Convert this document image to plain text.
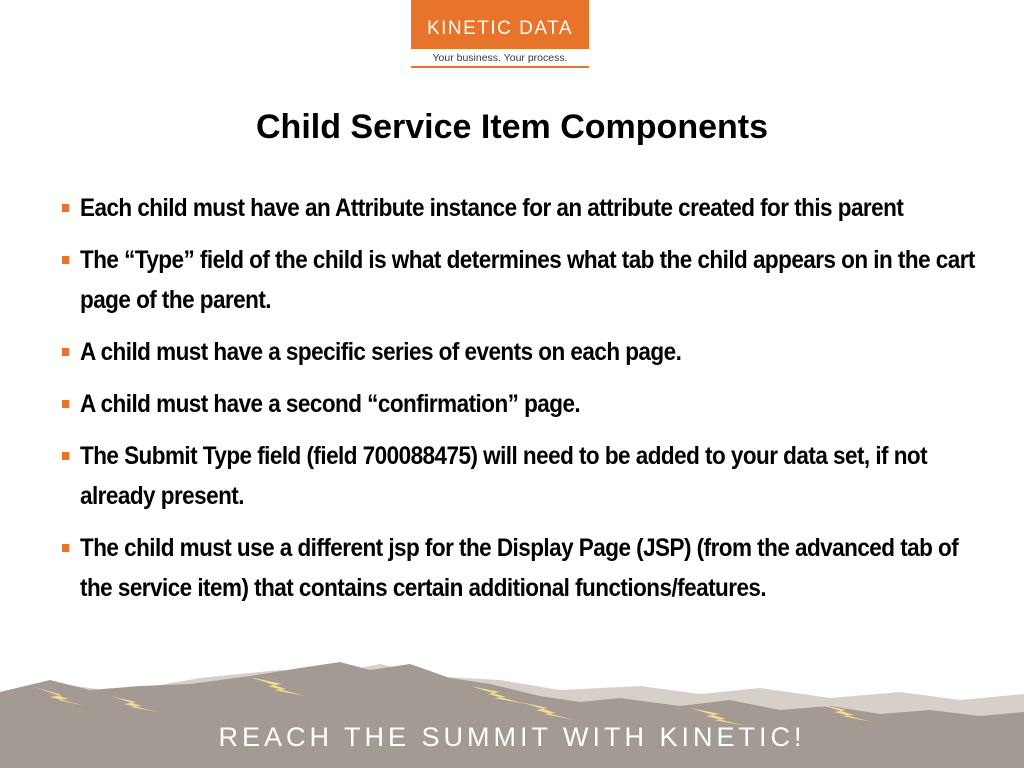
KINETIC DATA
Your business. Your process.
Child Service Item Components
Each child must have an Attribute instance for an attribute created for this parent
The “Type” field of the child is what determines what tab the child appears on in the cart page of the parent.
A child must have a specific series of events on each page.
A child must have a second “confirmation” page.
The Submit Type field (field 700088475) will need to be added to your data set, if not already present.
The child must use a different jsp for the Display Page (JSP) (from the advanced tab of the service item) that contains certain additional functions/features.
REACH THE SUMMIT WITH KINETIC!
